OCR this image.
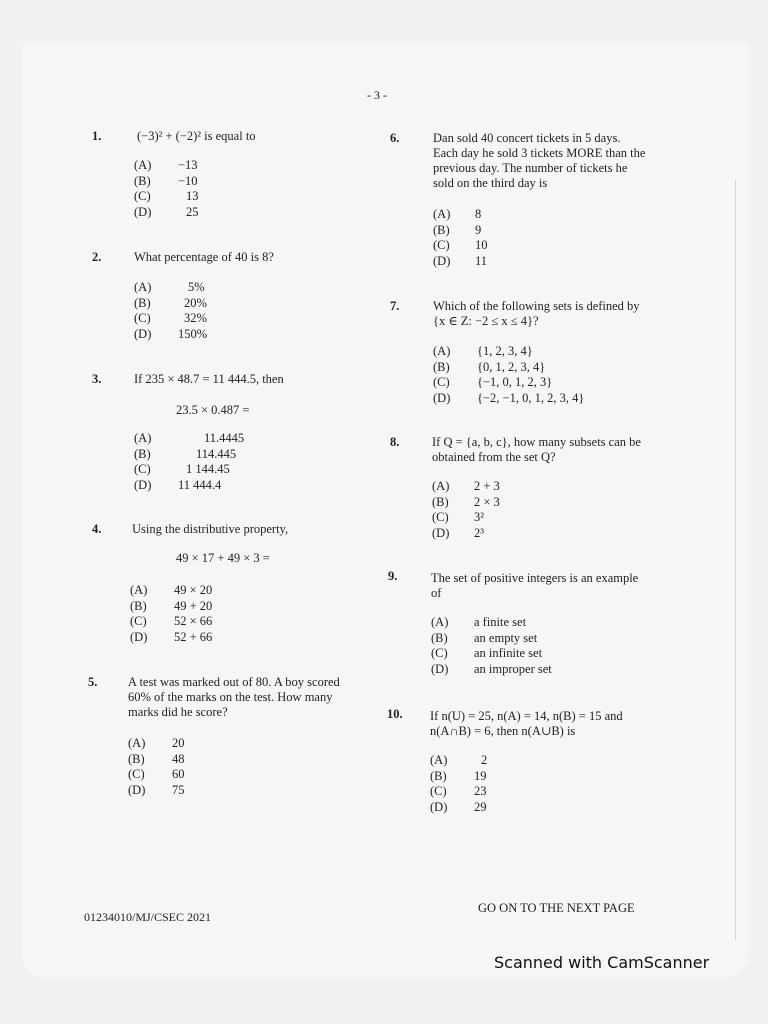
- 3 -
1.	(−3)² + (−2)² is equal to
(A)	−13
(B)	−10
(C)	13
(D)	25
2.	What percentage of 40 is 8?
(A)	5%
(B)	20%
(C)	32%
(D)	150%
3.	If 235 × 48.7 = 11 444.5, then
23.5 × 0.487 =
(A)	11.4445
(B)	114.445
(C)	1 144.45
(D)	11 444.4
4. Using the distributive property,
49 × 17 + 49 × 3 =
(A)	49 × 20
(B)	49 + 20
(C)	52 × 66
(D)	52 + 66
5. A test was marked out of 80. A boy scored
60% of the marks on the test. How many
marks did he score?
(A)	20
(B)	48
(C)	60
(D)	75
6.	Dan sold 40 concert tickets in 5 days.
Each day he sold 3 tickets MORE than the
previous day. The number of tickets he
sold on the third day is
(A)	8
(B)	9
(C)	10
(D)	11
7.	Which of the following sets is defined by
{x ∈ Z: −2 ≤ x ≤ 4}?
(A)	{1, 2, 3, 4}
(B)	{0, 1, 2, 3, 4}
(C)	{−1, 0, 1, 2, 3}
(D)	{−2, −1, 0, 1, 2, 3, 4}
8.	If Q = {a, b, c}, how many subsets can be
obtained from the set Q?
(A)	2 + 3
(B)	2 × 3
(C)	3²
(D)	2³
9.	The set of positive integers is an example
of
(A)	a finite set
(B)	an empty set
(C)	an infinite set
(D)	an improper set
10. If n(U) = 25, n(A) = 14, n(B) = 15 and
n(A∩B) = 6, then n(A∪B) is
(A)	2
(B)	19
(C)	23
(D)	29
GO ON TO THE NEXT PAGE
01234010/MJ/CSEC 2021
Scanned with CamScanner
